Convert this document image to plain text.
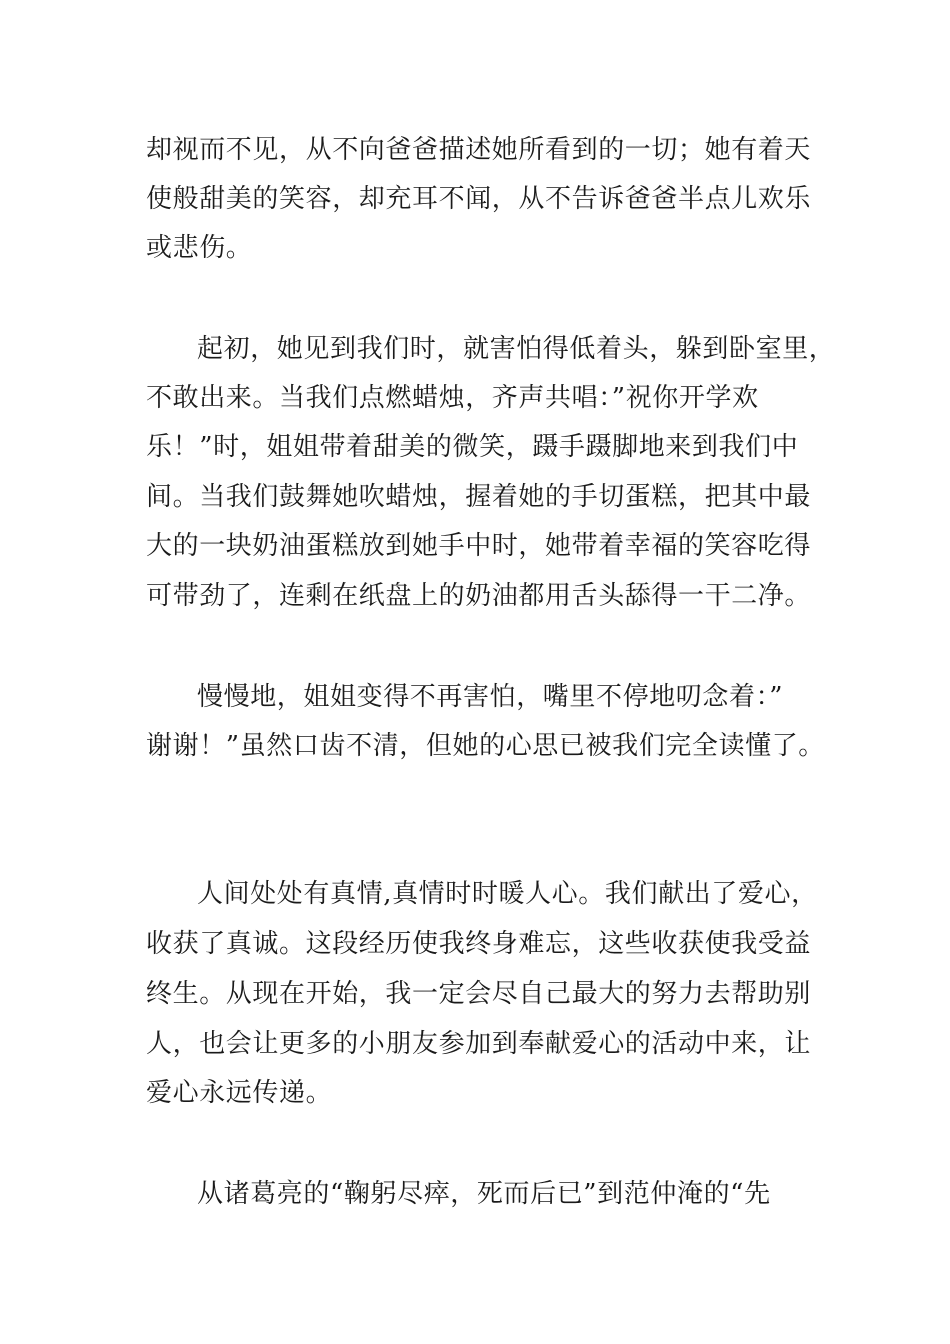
却视而不见，从不向爸爸描述她所看到的一切；她有着天
使般甜美的笑容，却充耳不闻，从不告诉爸爸半点儿欢乐
或悲伤。
起初，她见到我们时，就害怕得低着头，躲到卧室里，
不敢出来。当我们点燃蜡烛，齐声共唱：”祝你开学欢
乐！”时，姐姐带着甜美的微笑，蹑手蹑脚地来到我们中
间。当我们鼓舞她吹蜡烛，握着她的手切蛋糕，把其中最
大的一块奶油蛋糕放到她手中时，她带着幸福的笑容吃得
可带劲了，连剩在纸盘上的奶油都用舌头舔得一干二净。
慢慢地，姐姐变得不再害怕，嘴里不停地叨念着：”
谢谢！”虽然口齿不清，但她的心思已被我们完全读懂了。
人间处处有真情,真情时时暖人心。我们献出了爱心，
收获了真诚。这段经历使我终身难忘，这些收获使我受益
终生。从现在开始，我一定会尽自己最大的努力去帮助别
人，也会让更多的小朋友参加到奉献爱心的活动中来，让
爱心永远传递。
从诸葛亮的“鞠躬尽瘁，死而后已”到范仲淹的“先
